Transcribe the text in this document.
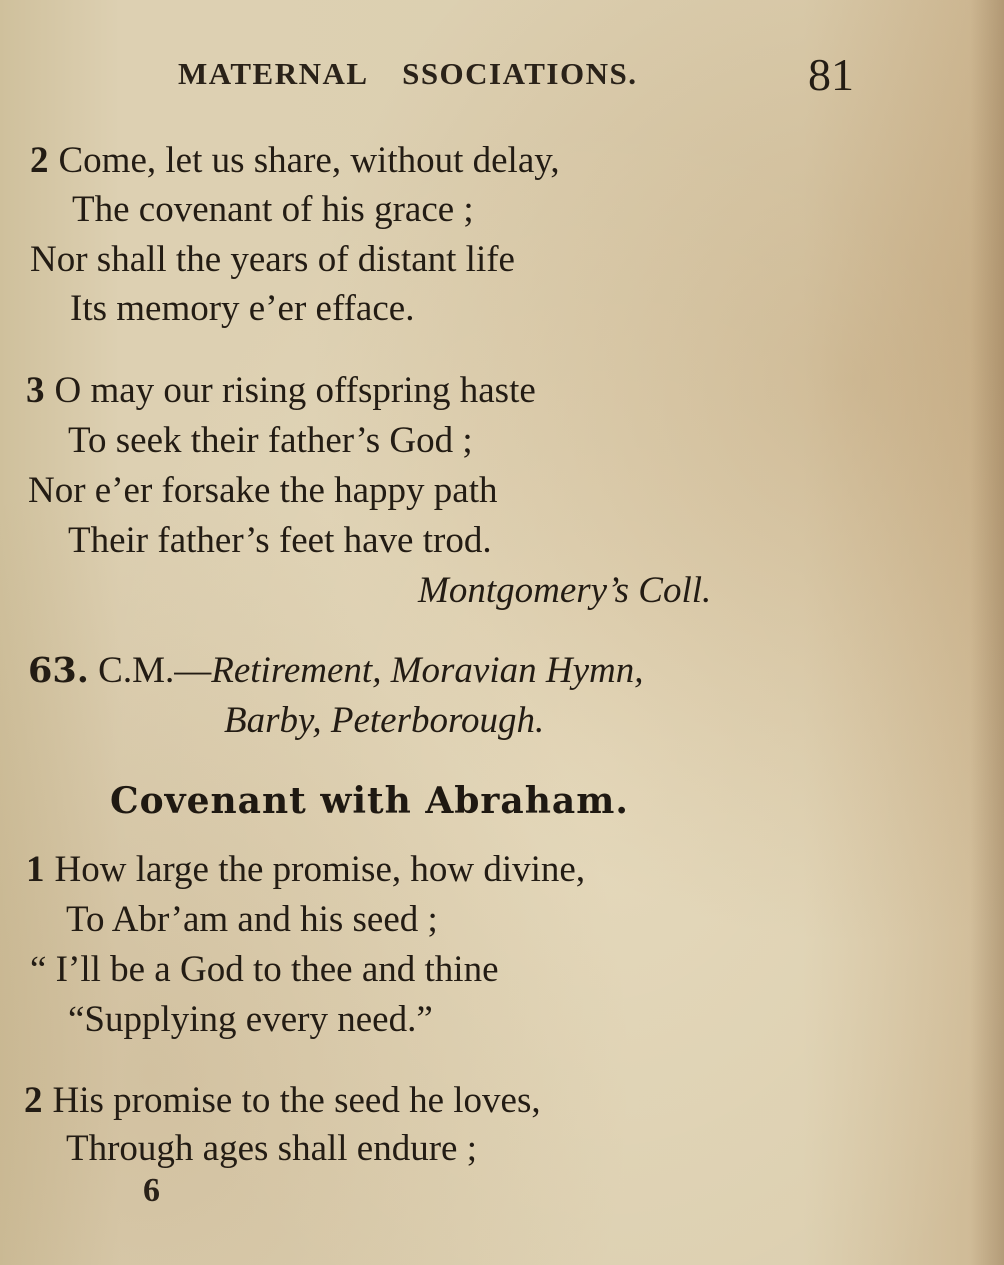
MATERNAL SSOCIATIONS.	81

2 Come, let us share, without delay,

The covenant of his grace ;

Nor shall the years of distant life

Its memory e’er efface.

3 O may our rising offspring haste

To seek their father’s God ;

Nor e’er forsake the happy path

Their father’s feet have trod.

Montgomery’s Coll.

63. C.M.—Retirement, Moravian Hymn,

Barby, Peterborough.

Covenant with Abraham.

1 How large the promise, how divine,

To Abr’am and his seed ;

“ I’ll be a God to thee and thine

“Supplying every need.”

2 His promise to the seed he loves,

Through ages shall endure ;

6
